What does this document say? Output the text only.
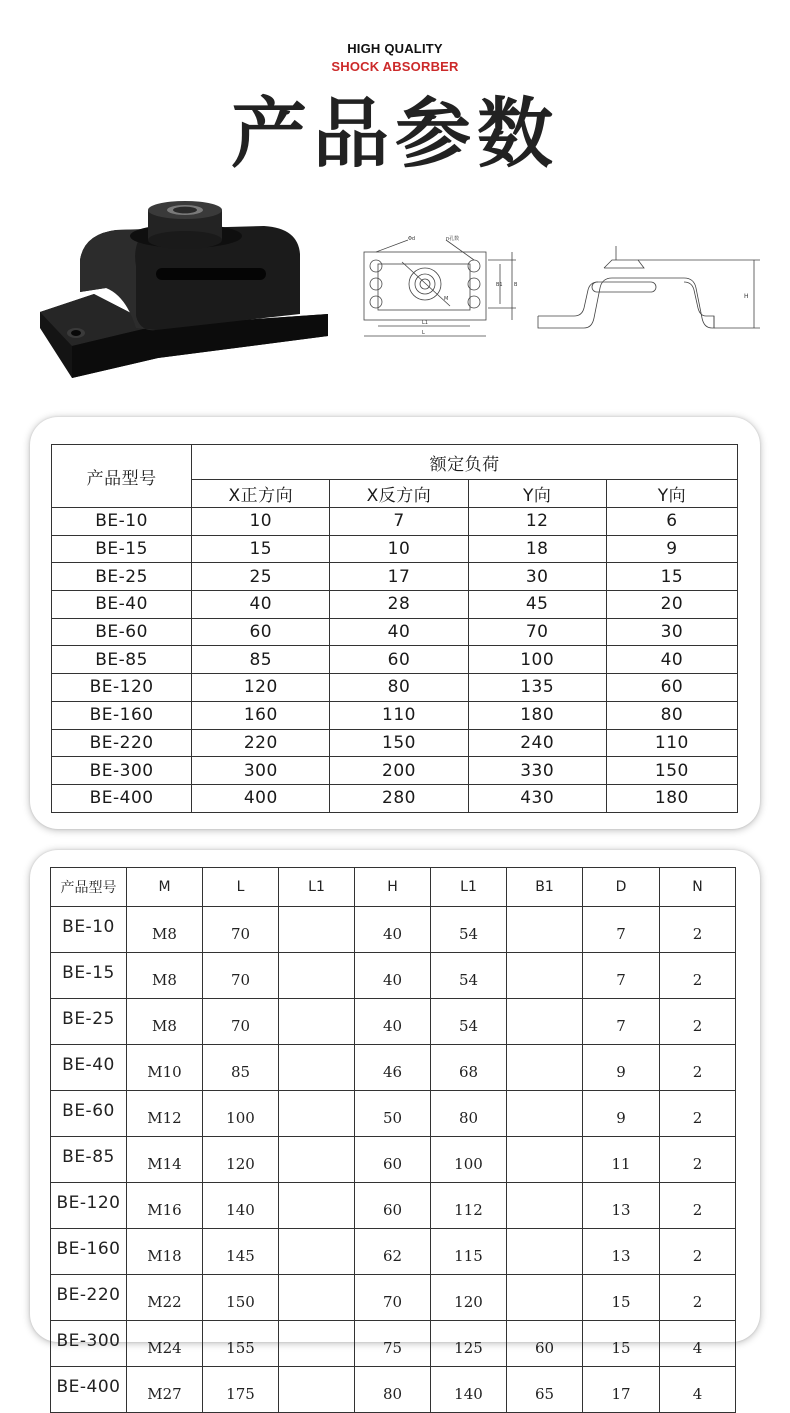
HIGH QUALITY
SHOCK ABSORBER
产品参数
Φd	n孔数
M
B1 B
L1
L
H
产品型号	额定负荷			
	X正方向	X反方向	Y向	Y向
BE-10	10	7	12	6
BE-15	15	10	18	9
BE-25	25	17	30	15
BE-40	40	28	45	20
BE-60	60	40	70	30
BE-85	85	60	100	40
BE-120	120	80	135	60
BE-160	160	110	180	80
BE-220	220	150	240	110
BE-300	300	200	330	150
BE-400	400	280	430	180
产品型号	M	L	L1	H	L1	B1	D	N
BE-10	M8	70		40	54		7	2
BE-15	M8	70		40	54		7	2
BE-25	M8	70		40	54		7	2
BE-40	M10	85		46	68		9	2
BE-60	M12	100		50	80		9	2
BE-85	M14	120		60	100		11	2
BE-120	M16	140		60	112		13	2
BE-160	M18	145		62	115		13	2
BE-220	M22	150		70	120		15	2
BE-300	M24	155		75	125	60	15	4
BE-400	M27	175		80	140	65	17	4
